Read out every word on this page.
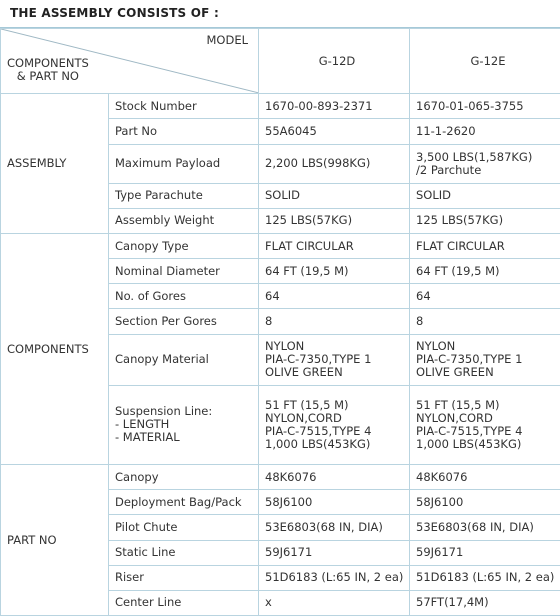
THE ASSEMBLY CONSISTS OF :
MODEL
COMPONENTS
& PART NO		G-12D	G-12E
ASSEMBLY	Stock Number	1670-00-893-2371	1670-01-065-3755

	Part No	55A6045	11-1-2620

	Maximum Payload	2,200 LBS(998KG)	3,500 LBS(1,587KG)
/2 Parchute

	Type Parachute	SOLID	SOLID

	Assembly Weight	125 LBS(57KG)	125 LBS(57KG)

COMPONENTS	Canopy Type	FLAT CIRCULAR	FLAT CIRCULAR

	Nominal Diameter	64 FT (19,5 M)	64 FT (19,5 M)

	No. of Gores	64	64

	Section Per Gores	8	8

	Canopy Material	NYLON
PIA-C-7350,TYPE 1
OLIVE GREEN	NYLON
PIA-C-7350,TYPE 1
OLIVE GREEN

	Suspension Line:
- LENGTH
- MATERIAL	51 FT (15,5 M)
NYLON,CORD
PIA-C-7515,TYPE 4
1,000 LBS(453KG)	51 FT (15,5 M)
NYLON,CORD
PIA-C-7515,TYPE 4
1,000 LBS(453KG)

PART NO	Canopy	48K6076	48K6076

	Deployment Bag/Pack	58J6100	58J6100

	Pilot Chute	53E6803(68 IN, DIA)	53E6803(68 IN, DIA)

	Static Line	59J6171	59J6171

	Riser	51D6183 (L:65 IN, 2 ea)	51D6183 (L:65 IN, 2 ea)

	Center Line	x	57FT(17,4M)
